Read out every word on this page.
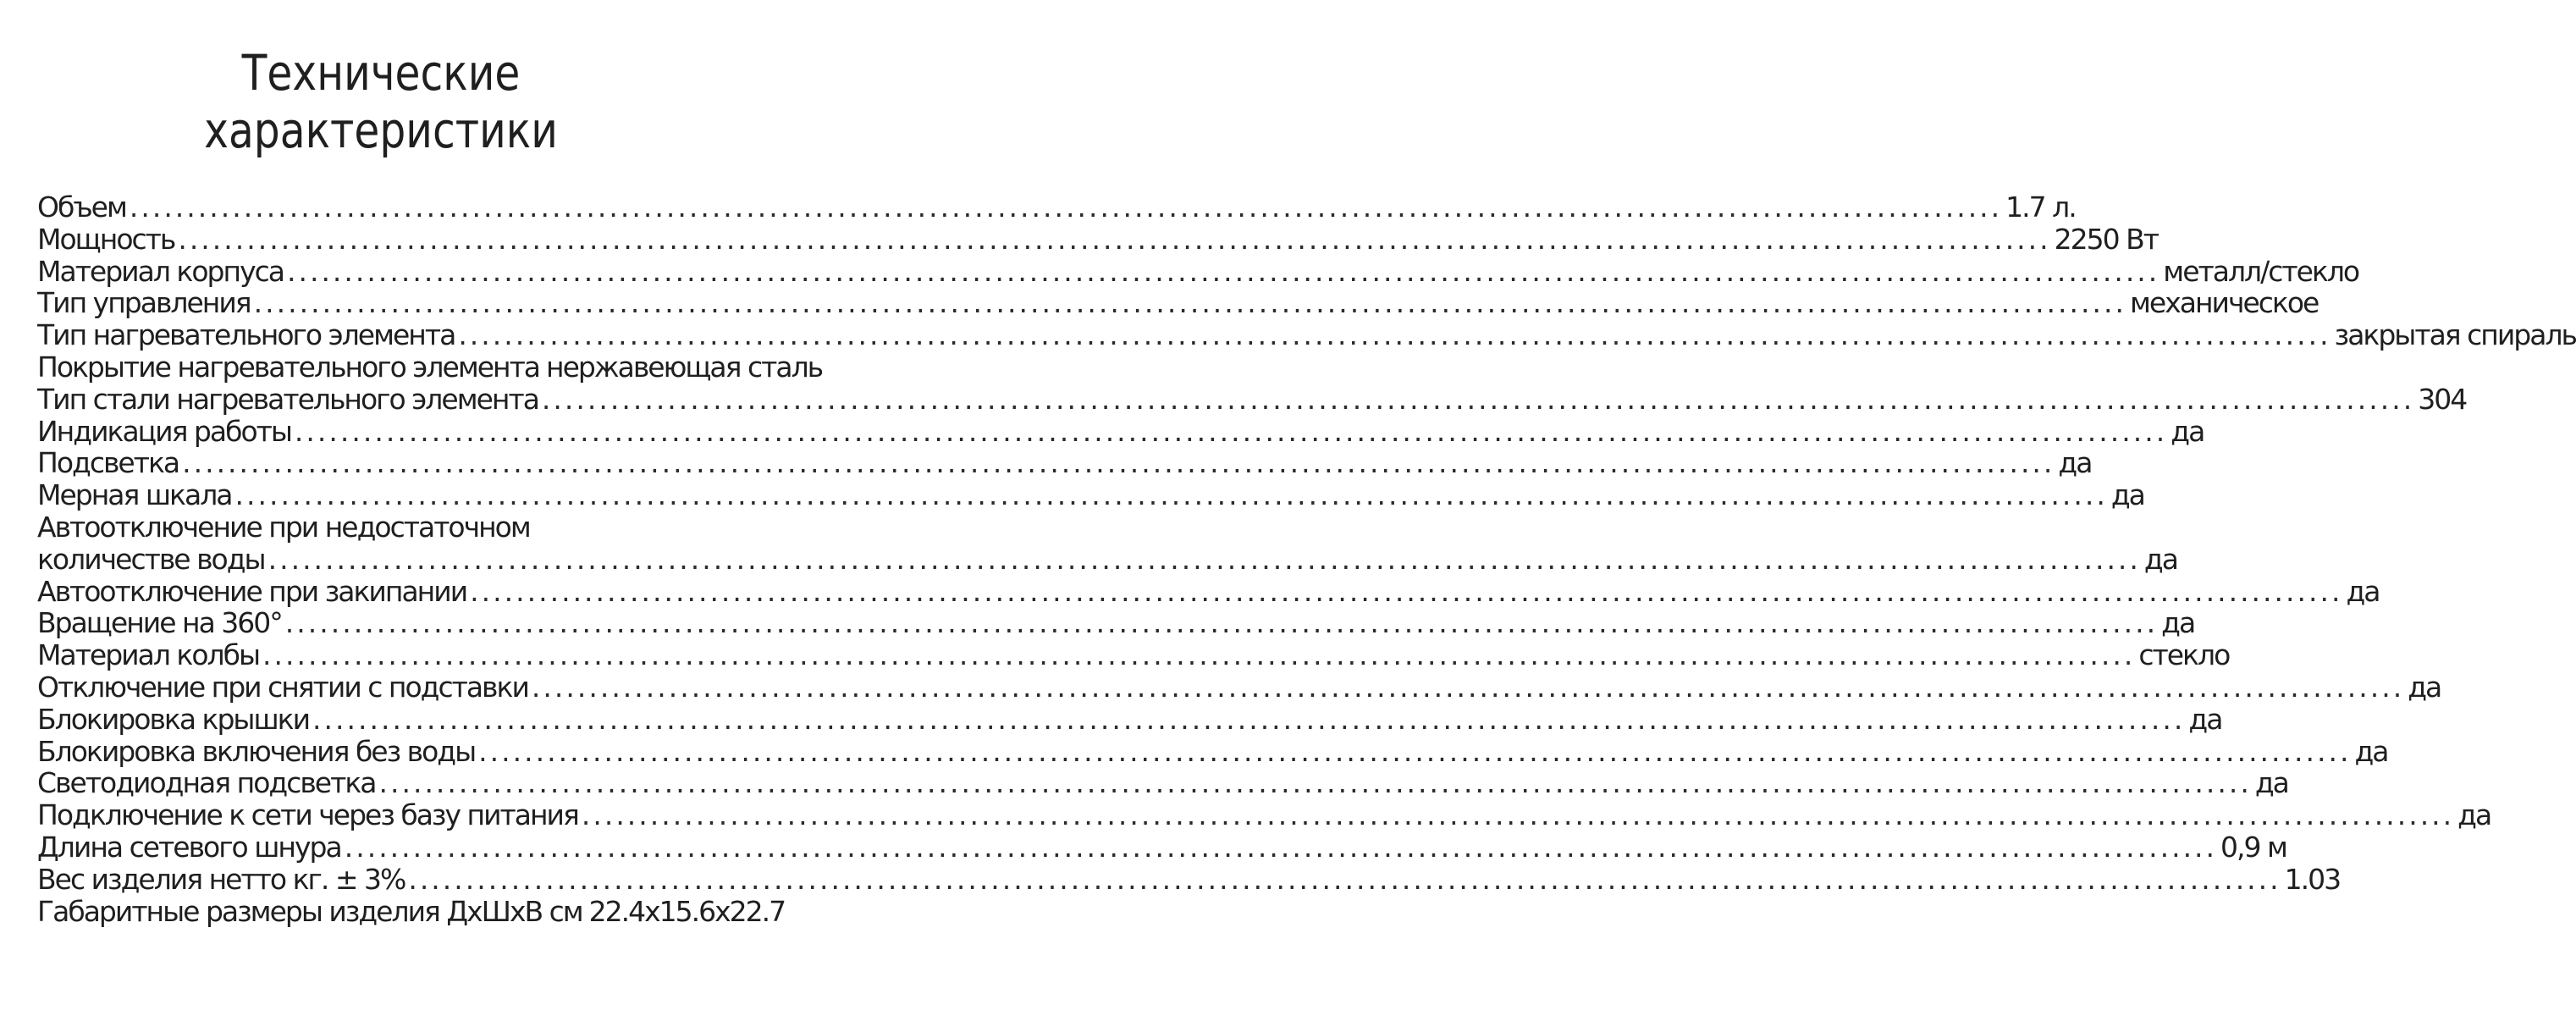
Технические
характеристики
Объем .....	1.7 л.
Мощность .....	2250 Вт
Материал корпуса .....	металл/стекло
Тип управления .....	механическое
Тип нагревательного элемента .....	закрытая спираль
Покрытие нагревательного элемента нержавеющая сталь
Тип стали нагревательного элемента .....	304
Индикация работы .....	да
Подсветка .....	да
Мерная шкала .....	да
Автоотключение при недостаточном
количестве воды .....	да
Автоотключение при закипании .....	да
Вращение на 360° .....	да
Материал колбы .....	стекло
Отключение при снятии с подставки .....	да
Блокировка крышки .....	да
Блокировка включения без воды .....	да
Светодиодная подсветка .....	да
Подключение к сети через базу питания .....	да
Длина сетевого шнура .....	0,9 м
Вес изделия нетто кг. ± 3% .....	1.03
Габаритные размеры изделия ДхШхВ см 22.4x15.6x22.7
